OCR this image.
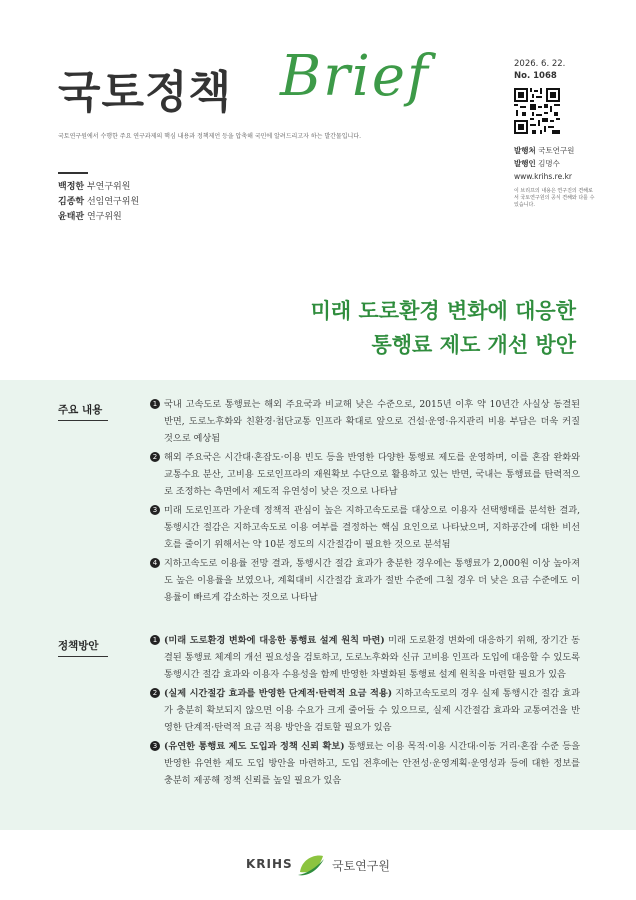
국토정책 Brief
국토연구원에서 수행한 주요 연구과제의 핵심 내용과 정책제언 등을 압축해 국민에 알려드리고자 하는 발간물입니다.
2026. 6. 22.
No. 1068
발행처 국토연구원
발행인 김명수
www.krihs.re.kr
이 브리프의 내용은 연구진의 견해로서 국토연구원의 공식 견해와 다를 수 있습니다.
백정한 부연구위원
김종학 선임연구위원
윤태관 연구위원
미래 도로환경 변화에 대응한
통행료 제도 개선 방안
주요 내용	1 국내 고속도로 통행료는 해외 주요국과 비교해 낮은 수준으로, 2015년 이후 약 10년간 사실상 동결된 반면, 도로노후화와 친환경·첨단교통 인프라 확대로 앞으로 건설·운영·유지관리 비용 부담은 더욱 커질 것으로 예상됨
2 해외 주요국은 시간대·혼잡도·이용 빈도 등을 반영한 다양한 통행료 제도를 운영하며, 이를 혼잡 완화와 교통수요 분산, 고비용 도로인프라의 재원확보 수단으로 활용하고 있는 반면, 국내는 통행료를 탄력적으로 조정하는 측면에서 제도적 유연성이 낮은 것으로 나타남
3 미래 도로인프라 가운데 정책적 관심이 높은 지하고속도로를 대상으로 이용자 선택행태를 분석한 결과, 통행시간 절감은 지하고속도로 이용 여부를 결정하는 핵심 요인으로 나타났으며, 지하공간에 대한 비선호를 줄이기 위해서는 약 10분 정도의 시간절감이 필요한 것으로 분석됨
4 지하고속도로 이용률 전망 결과, 통행시간 절감 효과가 충분한 경우에는 통행료가 2,000원 이상 높아져도 높은 이용률을 보였으나, 계획대비 시간절감 효과가 절반 수준에 그칠 경우 더 낮은 요금 수준에도 이용률이 빠르게 감소하는 것으로 나타남
정책방안	1 (미래 도로환경 변화에 대응한 통행료 설계 원칙 마련) 미래 도로환경 변화에 대응하기 위해, 장기간 동결된 통행료 체계의 개선 필요성을 검토하고, 도로노후화와 신규 고비용 인프라 도입에 대응할 수 있도록 통행시간 절감 효과와 이용자 수용성을 함께 반영한 차별화된 통행료 설계 원칙을 마련할 필요가 있음
2 (실제 시간절감 효과를 반영한 단계적·탄력적 요금 적용) 지하고속도로의 경우 실제 통행시간 절감 효과가 충분히 확보되지 않으면 이용 수요가 크게 줄어들 수 있으므로, 실제 시간절감 효과와 교통여건을 반영한 단계적·탄력적 요금 적용 방안을 검토할 필요가 있음
3 (유연한 통행료 제도 도입과 정책 신뢰 확보) 통행료는 이용 목적·이용 시간대·이동 거리·혼잡 수준 등을 반영한 유연한 제도 도입 방안을 마련하고, 도입 전후에는 안전성·운영계획·운영성과 등에 대한 정보를 충분히 제공해 정책 신뢰를 높일 필요가 있음
KRIHS	국토연구원
